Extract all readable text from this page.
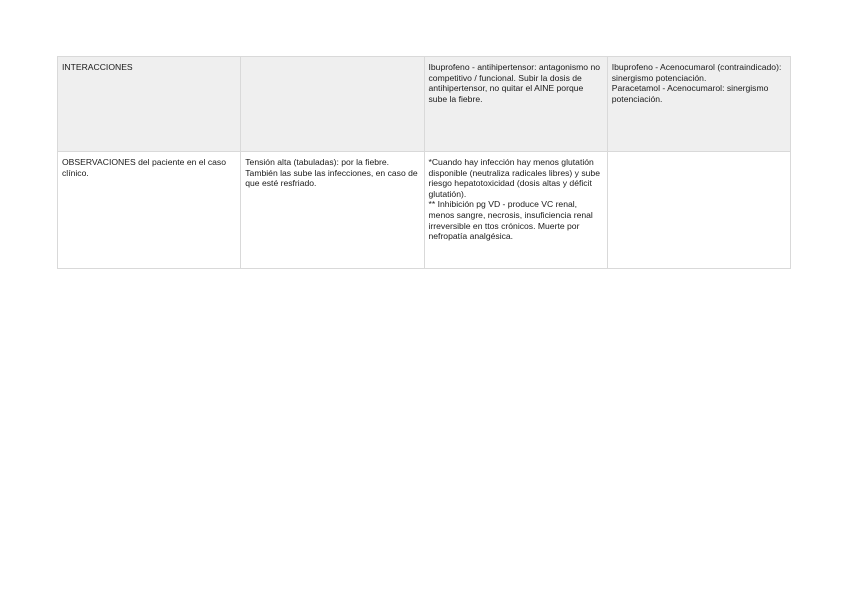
INTERACCIONES		Ibuprofeno - antihipertensor: antagonismo no competitivo / funcional. Subir la dosis de antihipertensor, no quitar el AINE porque sube la fiebre.	Ibuprofeno - Acenocumarol (contraindicado): sinergismo potenciación.
Paracetamol - Acenocumarol: sinergismo potenciación.

OBSERVACIONES del paciente en el caso clínico.	Tensión alta (tabuladas): por la fiebre. También las sube las infecciones, en caso de que esté resfriado.	*Cuando hay infección hay menos glutatión disponible (neutraliza radicales libres) y sube riesgo hepatotoxicidad (dosis altas y déficit glutatión).
** Inhibición pg VD - produce VC renal, menos sangre, necrosis, insuficiencia renal irreversible en ttos crónicos. Muerte por nefropatía analgésica.	
